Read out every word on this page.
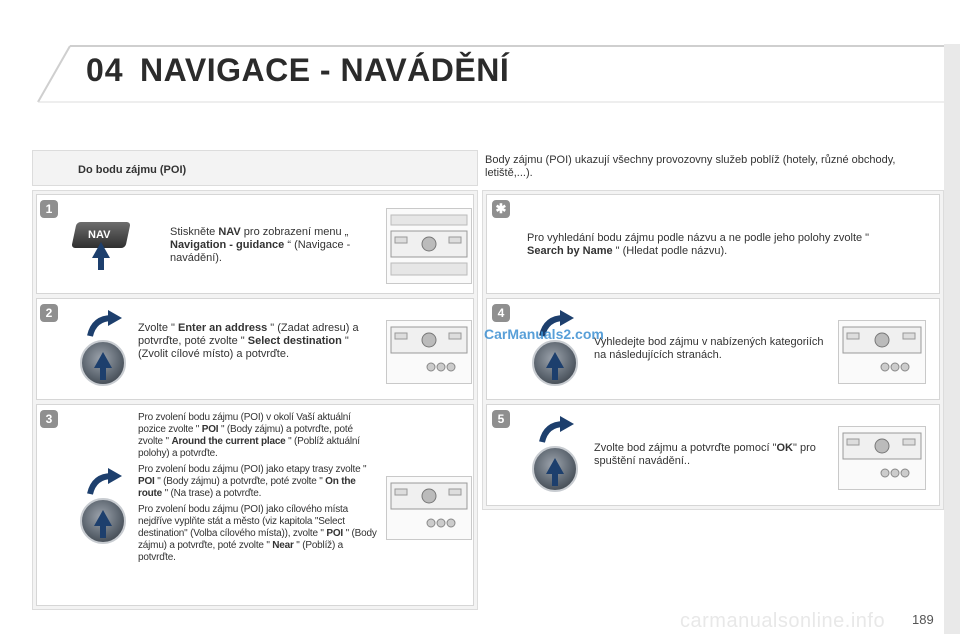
04 NAVIGACE - NAVÁDĚNÍ
Do bodu zájmu (POI)
Body zájmu (POI) ukazují všechny provozovny služeb poblíž (hotely, různé obchody, letiště,...).
1
NAV	Stiskněte NAV pro zobrazení menu „ Navigation - guidance “ (Navigace - navádění).
2
Zvolte " Enter an address " (Zadat adresu) a potvrďte, poté zvolte " Select destination " (Zvolit cílové místo) a potvrďte.
3	Pro zvolení bodu zájmu (POI) v okolí Vaší aktuální pozice zvolte " POI " (Body zájmu) a potvrďte, poté zvolte " Around the current place " (Poblíž aktuální polohy) a potvrďte.
Pro zvolení bodu zájmu (POI) jako etapy trasy zvolte " POI " (Body zájmu) a potvrďte, poté zvolte " On the route " (Na trase) a potvrďte.
Pro zvolení bodu zájmu (POI) jako cílového místa nejdříve vyplňte stát a město (viz kapitola "Select destination" (Volba cílového místa)), zvolte " POI " (Body zájmu) a potvrďte, poté zvolte " Near " (Poblíž) a potvrďte.
✱
Pro vyhledání bodu zájmu podle názvu a ne podle jeho polohy zvolte " Search by Name " (Hledat podle názvu).
4
CarManuals2.com
Vyhledejte bod zájmu v nabízených kategoriích na následujících stranách.
5
Zvolte bod zájmu a potvrďte pomocí "OK" pro spuštění navádění..
carmanualsonline.info 189
